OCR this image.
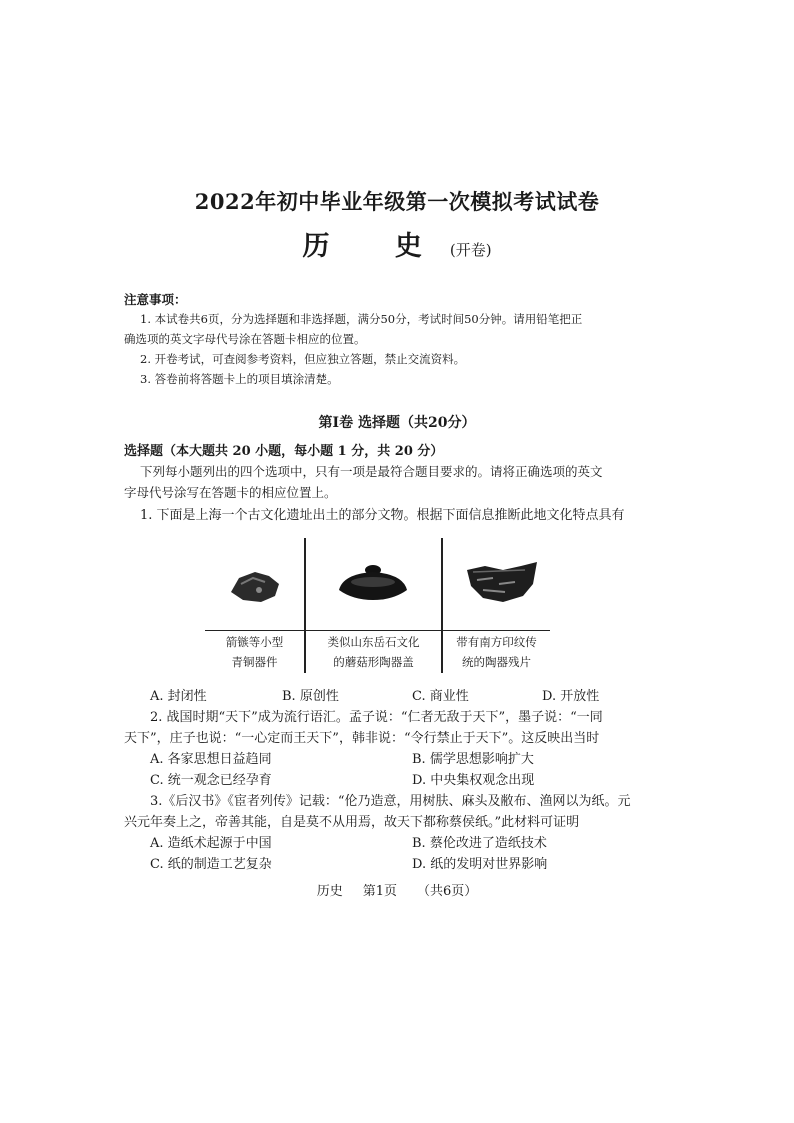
2022年初中毕业年级第一次模拟考试试卷
历 史(开卷)
注意事项：
1. 本试卷共6页，分为选择题和非选择题，满分50分，考试时间50分钟。请用铅笔把正
确选项的英文字母代号涂在答题卡相应的位置。
2. 开卷考试，可查阅参考资料，但应独立答题，禁止交流资料。
3. 答卷前将答题卡上的项目填涂清楚。
第Ⅰ卷 选择题（共20分）
选择题（本大题共 20 小题，每小题 1 分，共 20 分）
下列每小题列出的四个选项中，只有一项是最符合题目要求的。请将正确选项的英文
字母代号涂写在答题卡的相应位置上。
1. 下面是上海一个古文化遗址出土的部分文物。根据下面信息推断此地文化特点具有
箭镞等小型
青铜器件
类似山东岳石文化
的蘑菇形陶器盖
带有南方印纹传
统的陶器残片
A. 封闭性	B. 原创性	C. 商业性	D. 开放性
2. 战国时期“天下”成为流行语汇。孟子说：“仁者无敌于天下”，墨子说：“一同
天下”，庄子也说：“一心定而王天下”，韩非说：“令行禁止于天下”。这反映出当时
A. 各家思想日益趋同	B. 儒学思想影响扩大
C. 统一观念已经孕育	D. 中央集权观念出现
3.《后汉书》《宦者列传》记载：“伦乃造意，用树肤、麻头及敝布、渔网以为纸。元
兴元年奏上之，帝善其能，自是莫不从用焉，故天下都称蔡侯纸。”此材料可证明
A. 造纸术起源于中国	B. 蔡伦改进了造纸技术
C. 纸的制造工艺复杂	D. 纸的发明对世界影响
历史 第1页 （共6页）
